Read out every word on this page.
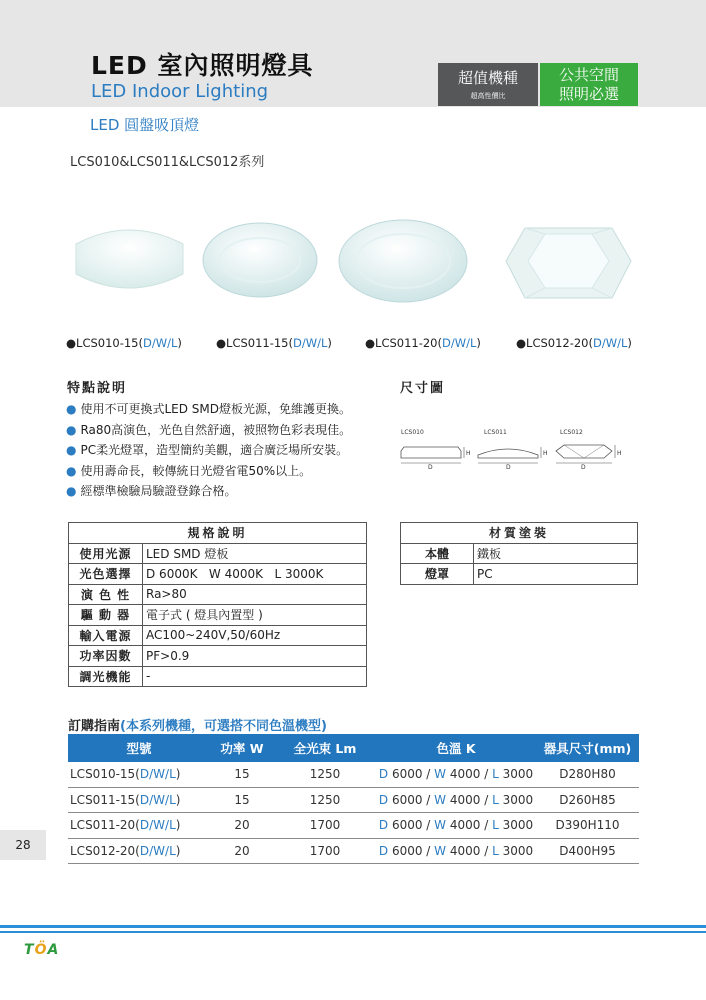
LED 室內照明燈具
LED Indoor Lighting
超值機種
超高性價比
公共空間
照明必選
LED 圓盤吸頂燈
LCS010&LCS011&LCS012系列
●LCS010-15(D/W/L)	●LCS011-15(D/W/L)	●LCS011-20(D/W/L)	●LCS012-20(D/W/L)
特點說明
● 使用不可更換式LED SMD燈板光源，免維護更換。
● Ra80高演色，光色自然舒適，被照物色彩表現佳。
● PC柔光燈罩，造型簡約美觀，適合廣泛場所安裝。
● 使用壽命長，較傳統日光燈省電50%以上。
● 經標準檢驗局驗證登錄合格。
尺寸圖
LCS010	LCS011	LCS012
D
H
D
H
D
H
規格說明	
使用光源	LED SMD 燈板
光色選擇	D 6000K   W 4000K   L 3000K
演 色 性	Ra>80
驅 動 器	電子式 ( 燈具內置型 )
輸入電源	AC100~240V,50/60Hz
功率因數	PF>0.9
調光機能	-
材質塗裝	
本體	鐵板
燈罩	PC
訂購指南(本系列機種，可選搭不同色溫機型)
型號	功率 W	全光束 Lm	色溫 K	器具尺寸(mm)
LCS010-15(D/W/L)	15	1250	D 6000 / W 4000 / L 3000	D280H80
LCS011-15(D/W/L)	15	1250	D 6000 / W 4000 / L 3000	D260H85
LCS011-20(D/W/L)	20	1700	D 6000 / W 4000 / L 3000	D390H110
LCS012-20(D/W/L)	20	1700	D 6000 / W 4000 / L 3000	D400H95
28
TÖA
